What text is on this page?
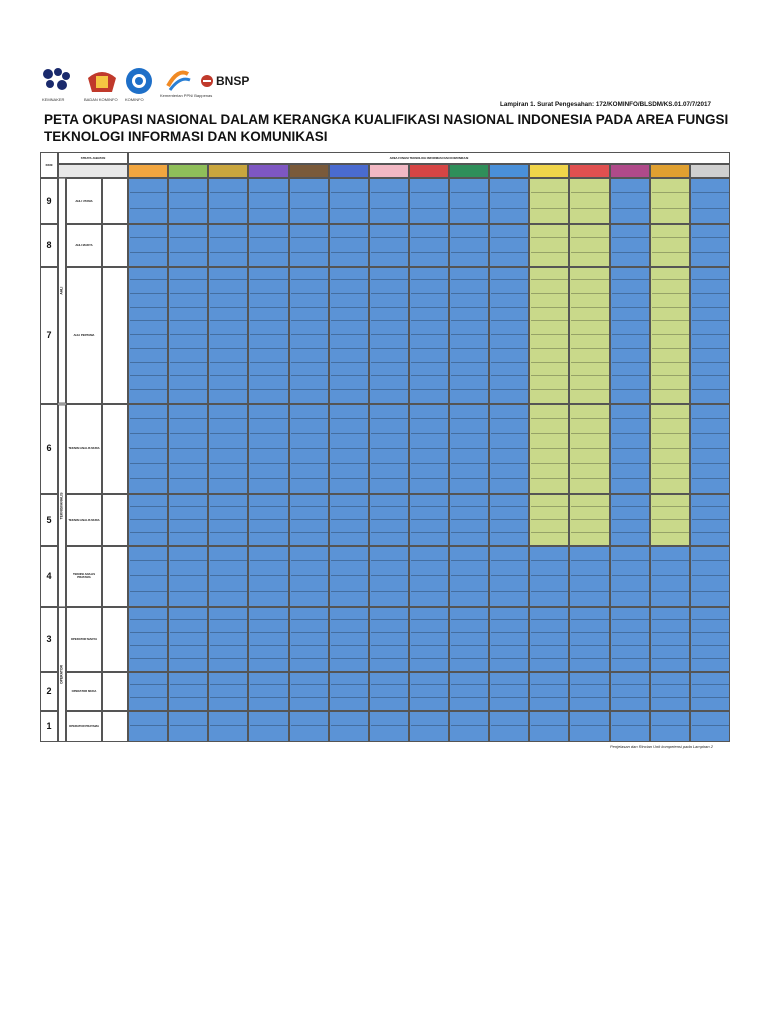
KEMNAKER	BADAN KOMINFO KOMINFO
Kementerian PPN/ Bappenas
BNSP
Lampiran 1. Surat Pengesahan: 172/KOMINFO/BLSDM/KS.01.07/7/2017
PETA OKUPASI NASIONAL DALAM KERANGKA KUALIFIKASI NASIONAL INDONESIA PADA AREA FUNGSI
TEKNOLOGI INFORMASI DAN KOMUNIKASI
KKNI
STRATA JABATAN	AREA FUNGSI TEKNOLOGI INFORMASI DAN KOMUNIKASI
9	AHLI UTAMA
8	AHLI MADYA
7	AHLI PERTAMA
6	TEKNISI ANALIS MUDA
5	TEKNISI ANALIS MUDA
4	TEKNISI ANALIS PRATAMA
3	OPERATOR MADYA
2	OPERATOR MUDA
1	OPERATOR PRATAMA
AHLI
TEKNISI/ANALIS
OPERATOR
Penjelasan dan Rincian Unit kompetensi pada Lampiran 2
